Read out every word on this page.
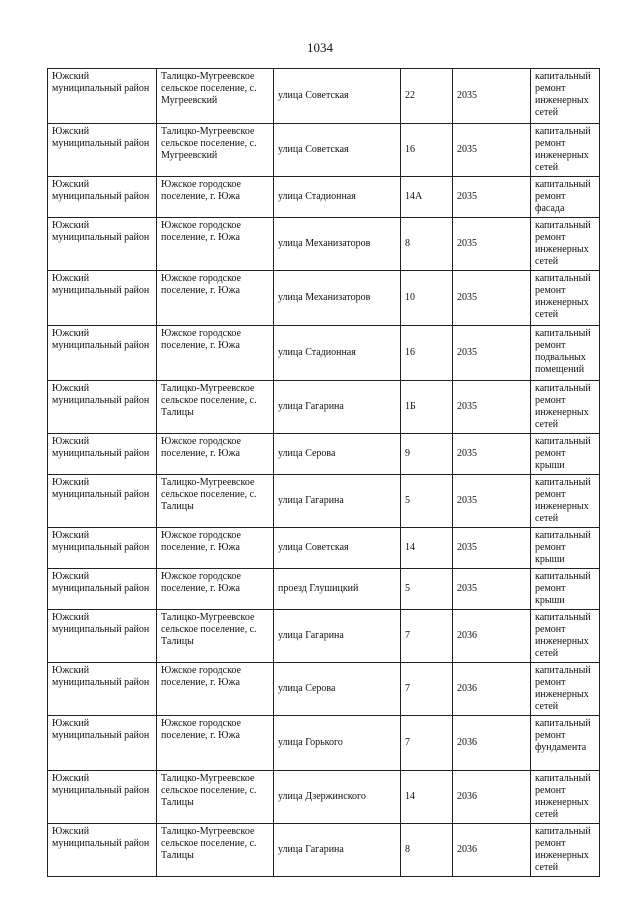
1034
Южский муниципальный район	Талицко-Мугреевское сельское поселение, с. Мугреевский	улица Советская	22	2035	капитальный ремонт инженерных сетей
Южский муниципальный район	Талицко-Мугреевское сельское поселение, с. Мугреевский	улица Советская	16	2035	капитальный ремонт инженерных сетей
Южский муниципальный район	Южское городское поселение, г. Южа	улица Стадионная	14А	2035	капитальный ремонт фасада
Южский муниципальный район	Южское городское поселение, г. Южа	улица Механизаторов	8	2035	капитальный ремонт инженерных сетей
Южский муниципальный район	Южское городское поселение, г. Южа	улица Механизаторов	10	2035	капитальный ремонт инженерных сетей
Южский муниципальный район	Южское городское поселение, г. Южа	улица Стадионная	16	2035	капитальный ремонт подвальных помещений
Южский муниципальный район	Талицко-Мугреевское сельское поселение, с. Талицы	улица Гагарина	1Б	2035	капитальный ремонт инженерных сетей
Южский муниципальный район	Южское городское поселение, г. Южа	улица Серова	9	2035	капитальный ремонт крыши
Южский муниципальный район	Талицко-Мугреевское сельское поселение, с. Талицы	улица Гагарина	5	2035	капитальный ремонт инженерных сетей
Южский муниципальный район	Южское городское поселение, г. Южа	улица Советская	14	2035	капитальный ремонт крыши
Южский муниципальный район	Южское городское поселение, г. Южа	проезд Глушицкий	5	2035	капитальный ремонт крыши
Южский муниципальный район	Талицко-Мугреевское сельское поселение, с. Талицы	улица Гагарина	7	2036	капитальный ремонт инженерных сетей
Южский муниципальный район	Южское городское поселение, г. Южа	улица Серова	7	2036	капитальный ремонт инженерных сетей
Южский муниципальный район	Южское городское поселение, г. Южа	улица Горького	7	2036	капитальный ремонт фундамента
Южский муниципальный район	Талицко-Мугреевское сельское поселение, с. Талицы	улица Дзержинского	14	2036	капитальный ремонт инженерных сетей
Южский муниципальный район	Талицко-Мугреевское сельское поселение, с. Талицы	улица Гагарина	8	2036	капитальный ремонт инженерных сетей
